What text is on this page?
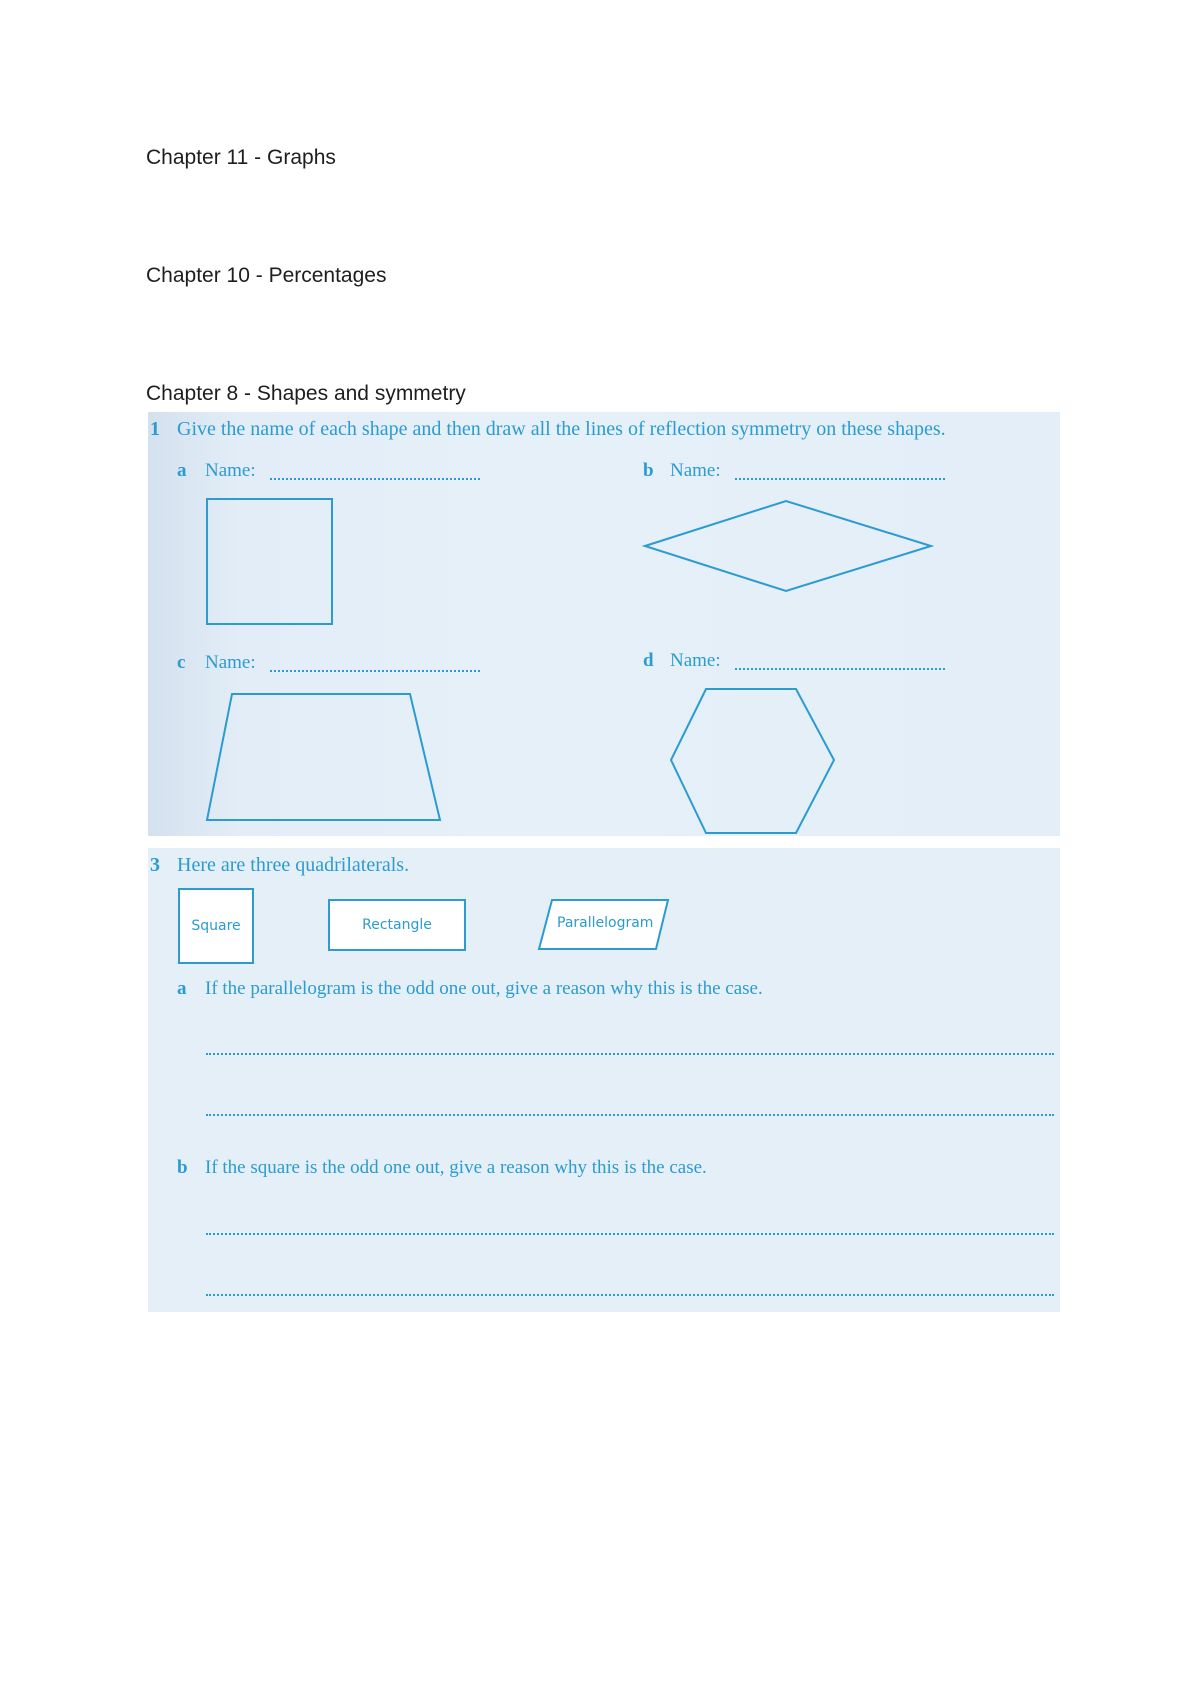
Chapter 11 - Graphs
Chapter 10 - Percentages
Chapter 8 - Shapes and symmetry
1 Give the name of each shape and then draw all the lines of reflection symmetry on these shapes.
a Name:	b Name:
c Name:	d Name:
3 Here are three quadrilaterals.
Square	Rectangle	Parallelogram
a If the parallelogram is the odd one out, give a reason why this is the case.
b If the square is the odd one out, give a reason why this is the case.
